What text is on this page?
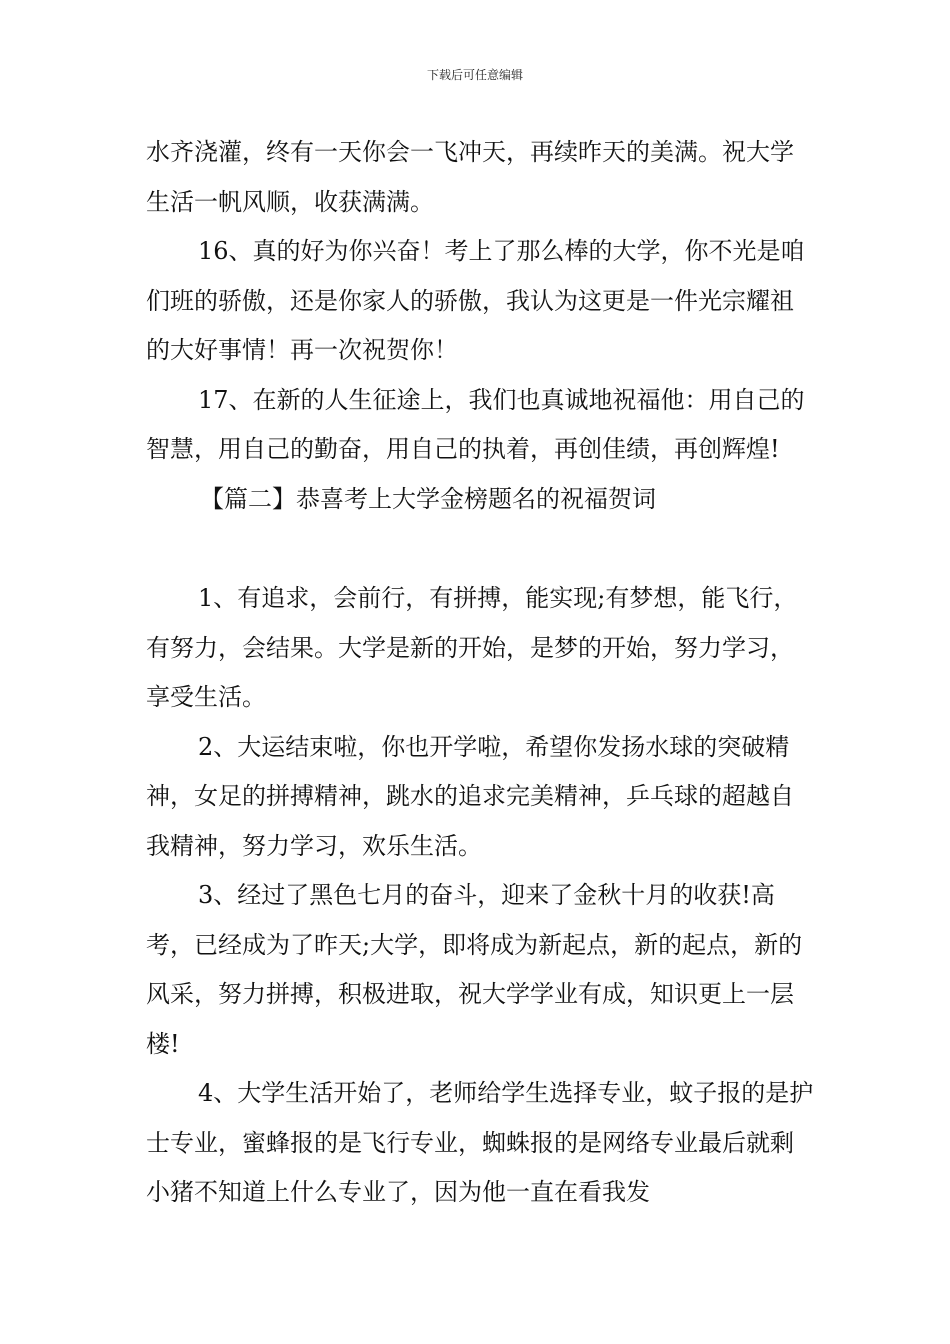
下载后可任意编辑

水齐浇灌，终有一天你会一飞冲天，再续昨天的美满。祝大学生活一帆风顺，收获满满。

16、真的好为你兴奋！考上了那么棒的大学，你不光是咱们班的骄傲，还是你家人的骄傲，我认为这更是一件光宗耀祖的大好事情！再一次祝贺你！

17、在新的人生征途上，我们也真诚地祝福他：用自己的智慧，用自己的勤奋，用自己的执着，再创佳绩，再创辉煌!【篇二】恭喜考上大学金榜题名的祝福贺词

1、有追求，会前行，有拼搏，能实现;有梦想，能飞行，有努力，会结果。大学是新的开始，是梦的开始，努力学习，享受生活。

2、大运结束啦，你也开学啦，希望你发扬水球的突破精神，女足的拼搏精神，跳水的追求完美精神，乒乓球的超越自我精神，努力学习，欢乐生活。

3、经过了黑色七月的奋斗，迎来了金秋十月的收获!高考，已经成为了昨天;大学，即将成为新起点，新的起点，新的风采，努力拼搏，积极进取，祝大学学业有成，知识更上一层楼!

4、大学生活开始了，老师给学生选择专业，蚊子报的是护士专业，蜜蜂报的是飞行专业，蜘蛛报的是网络专业最后就剩小猪不知道上什么专业了，因为他一直在看我发
